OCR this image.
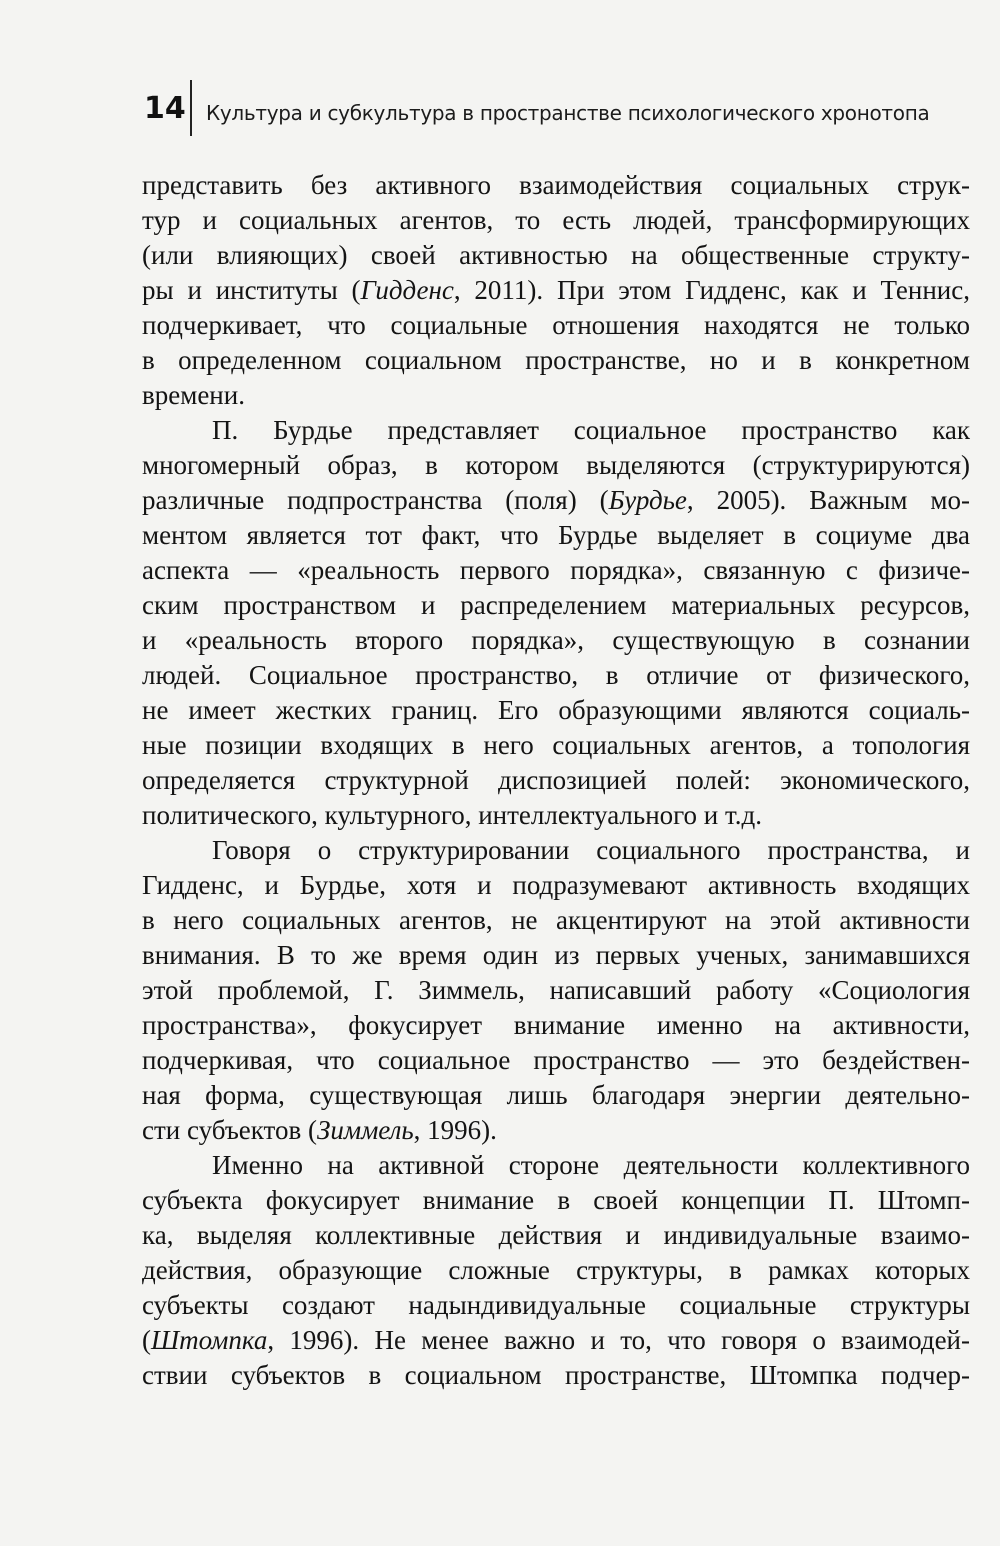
14 Культура и субкультура в пространстве психологического хронотопа
представить без активного взаимодействия социальных струк-
тур и социальных агентов, то есть людей, трансформирующих
(или влияющих) своей активностью на общественные структу-
ры и институты (Гидденс, 2011). При этом Гидденс, как и Теннис,
подчеркивает, что социальные отношения находятся не только
в определенном социальном пространстве, но и в конкретном
времени.
П. Бурдье представляет социальное пространство как
многомерный образ, в котором выделяются (структурируются)
различные подпространства (поля) (Бурдье, 2005). Важным мо-
ментом является тот факт, что Бурдье выделяет в социуме два
аспекта — «реальность первого порядка», связанную с физиче-
ским пространством и распределением материальных ресурсов,
и «реальность второго порядка», существующую в сознании
людей. Социальное пространство, в отличие от физического,
не имеет жестких границ. Его образующими являются социаль-
ные позиции входящих в него социальных агентов, а топология
определяется структурной диспозицией полей: экономического,
политического, культурного, интеллектуального и т.д.
Говоря о структурировании социального пространства, и
Гидденс, и Бурдье, хотя и подразумевают активность входящих
в него социальных агентов, не акцентируют на этой активности
внимания. В то же время один из первых ученых, занимавшихся
этой проблемой, Г. Зиммель, написавший работу «Социология
пространства», фокусирует внимание именно на активности,
подчеркивая, что социальное пространство — это бездействен-
ная форма, существующая лишь благодаря энергии деятельно-
сти субъектов (Зиммель, 1996).
Именно на активной стороне деятельности коллективного
субъекта фокусирует внимание в своей концепции П. Штомп-
ка, выделяя коллективные действия и индивидуальные взаимо-
действия, образующие сложные структуры, в рамках которых
субъекты создают надындивидуальные социальные структуры
(Штомпка, 1996). Не менее важно и то, что говоря о взаимодей-
ствии субъектов в социальном пространстве, Штомпка подчер-
